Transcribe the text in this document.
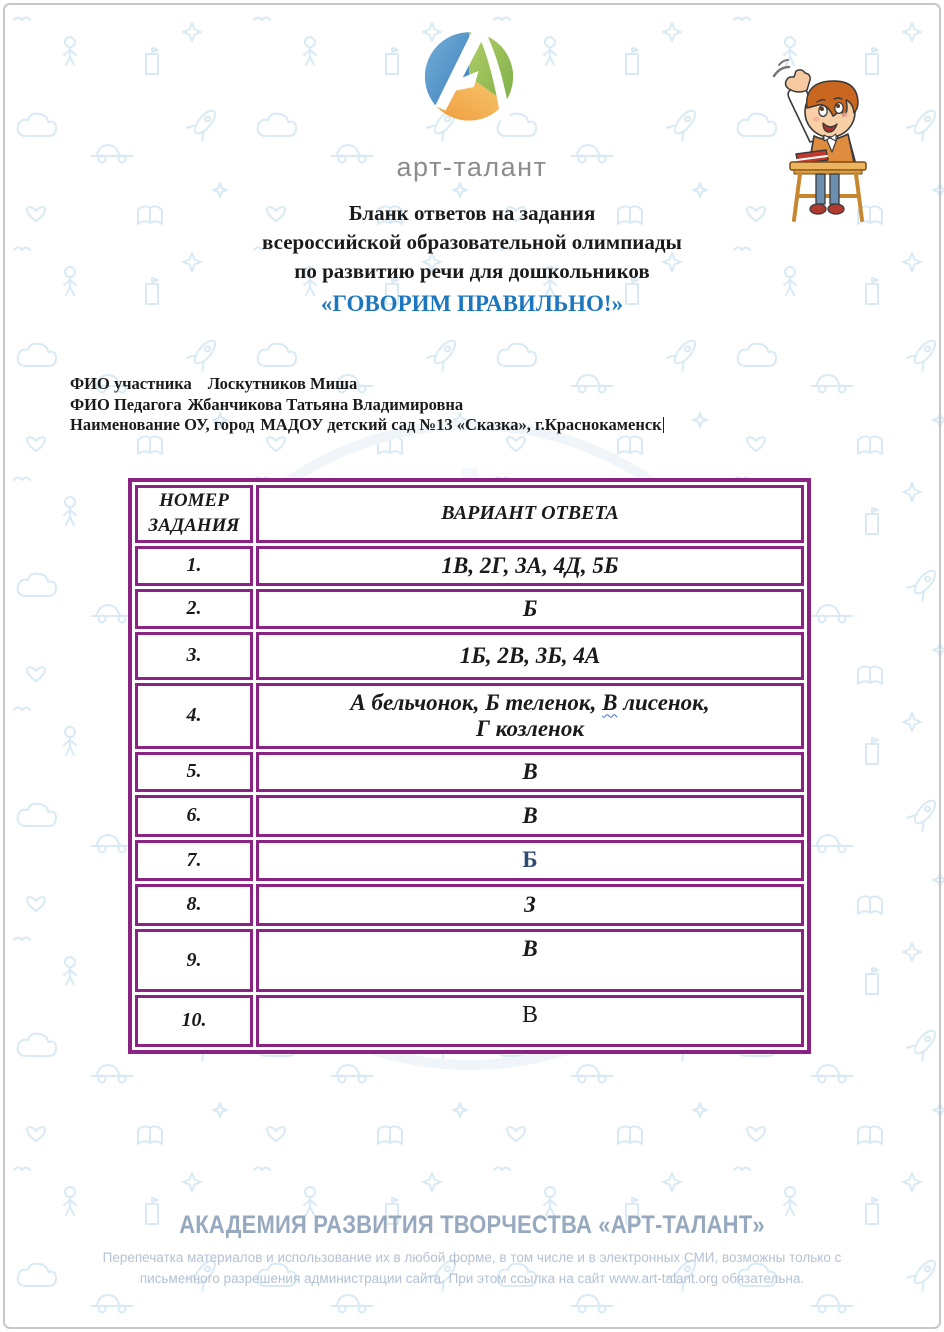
арт-талант
Бланк ответов на задания
всероссийской образовательной олимпиады
по развитию речи для дошкольников
«ГОВОРИМ ПРАВИЛЬНО!»
ФИО участника Лоскутников Миша
ФИО Педагога Жбанчикова Татьяна Владимировна
Наименование ОУ, город МАДОУ детский сад №13 «Сказка», г.Краснокаменск
НОМЕР ЗАДАНИЯ	ВАРИАНТ ОТВЕТА
1.	1В, 2Г, 3А, 4Д, 5Б
2.	Б
3.	1Б, 2В, 3Б, 4А
4.	А бельчонок, Б теленок, В лисенок,
Г козленок
5.	В
6.	В
7.	Б
8.	З
9.	В
10.	В
АКАДЕМИЯ РАЗВИТИЯ ТВОРЧЕСТВА «АРТ-ТАЛАНТ»
Перепечатка материалов и использование их в любой форме, в том числе и в электронных СМИ, возможны только с
письменного разрешения администрации сайта. При этом ссылка на сайт www.art-talant.org обязательна.
